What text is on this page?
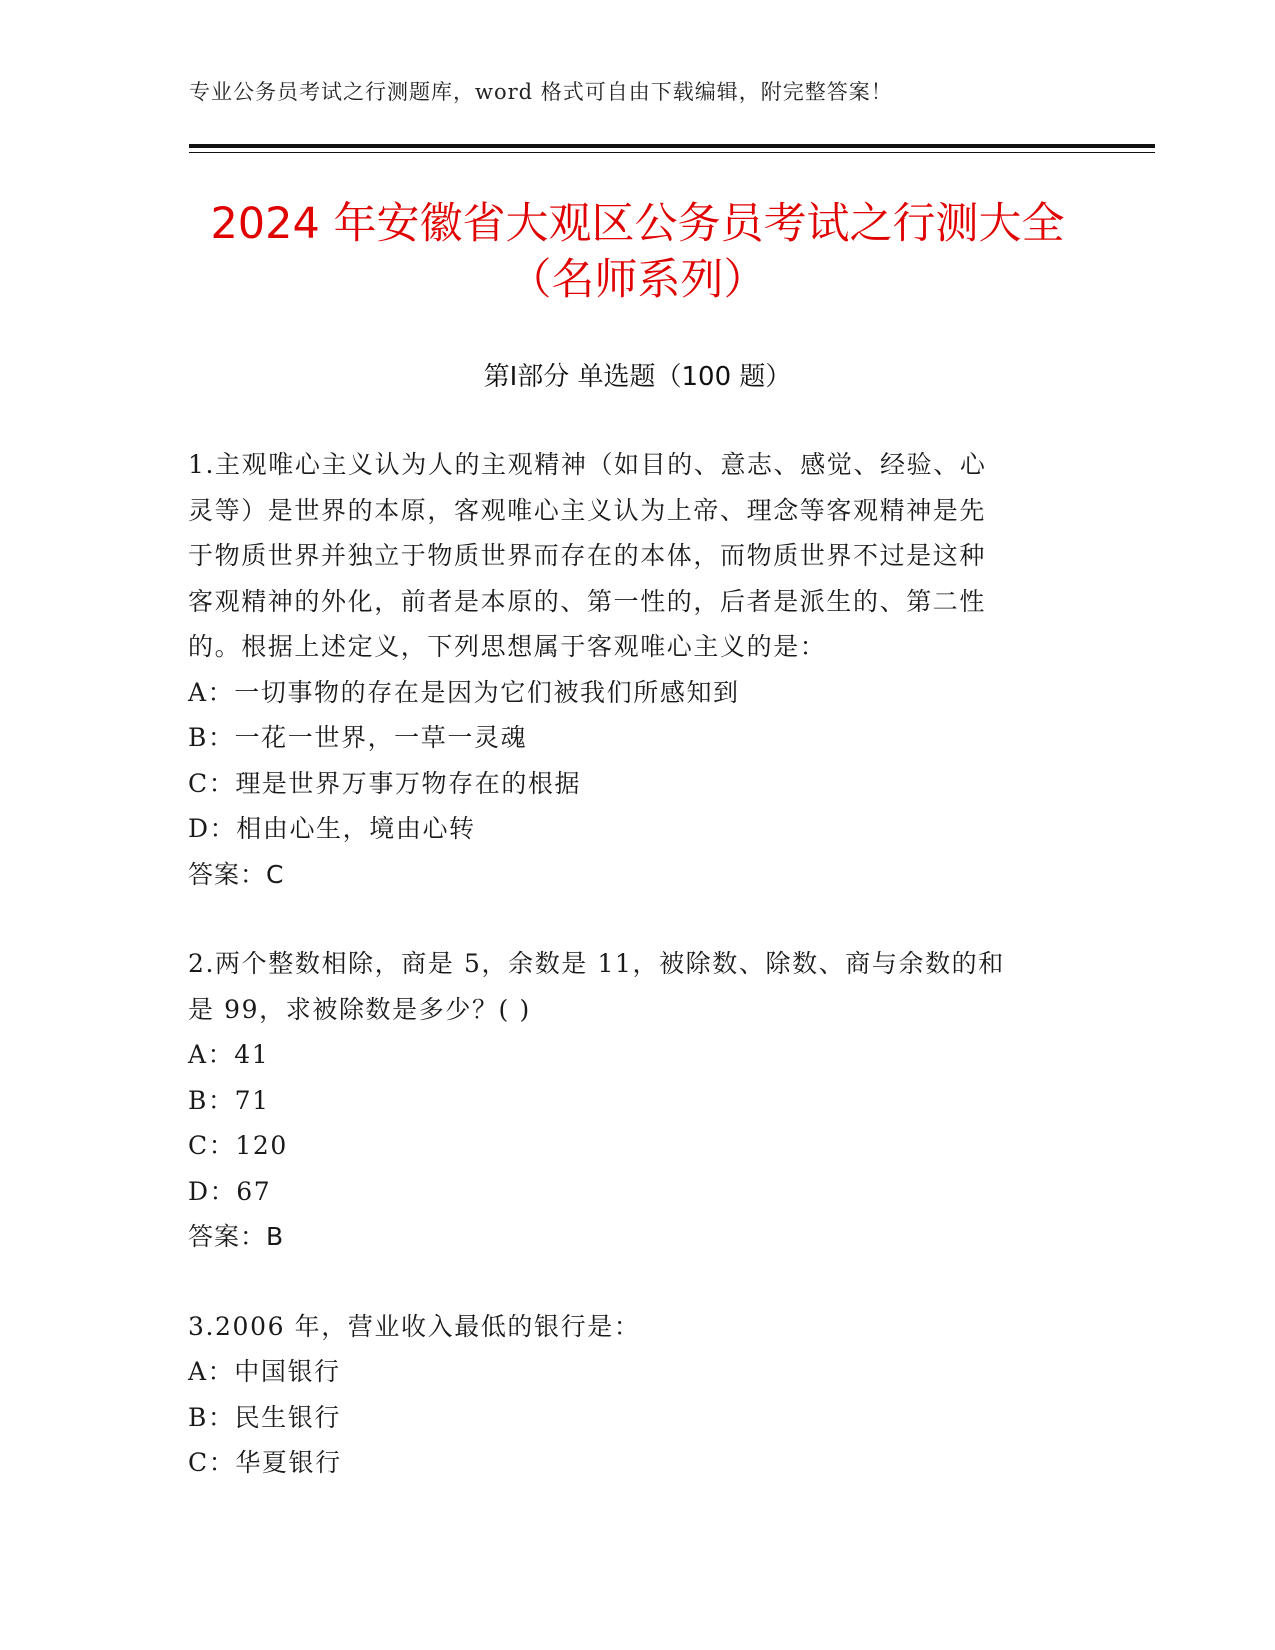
专业公务员考试之行测题库，word 格式可自由下载编辑，附完整答案！
2024 年安徽省大观区公务员考试之行测大全
（名师系列）
第Ⅰ部分 单选题（100 题）
1.主观唯心主义认为人的主观精神（如目的、意志、感觉、经验、心
灵等）是世界的本原，客观唯心主义认为上帝、理念等客观精神是先
于物质世界并独立于物质世界而存在的本体，而物质世界不过是这种
客观精神的外化，前者是本原的、第一性的，后者是派生的、第二性
的。根据上述定义，下列思想属于客观唯心主义的是：
A：一切事物的存在是因为它们被我们所感知到
B：一花一世界，一草一灵魂
C：理是世界万事万物存在的根据
D：相由心生，境由心转
答案：C
2.两个整数相除，商是 5，余数是 11，被除数、除数、商与余数的和
是 99，求被除数是多少？( )
A：41
B：71
C：120
D：67
答案：B
3.2006 年，营业收入最低的银行是：
A：中国银行
B：民生银行
C：华夏银行
